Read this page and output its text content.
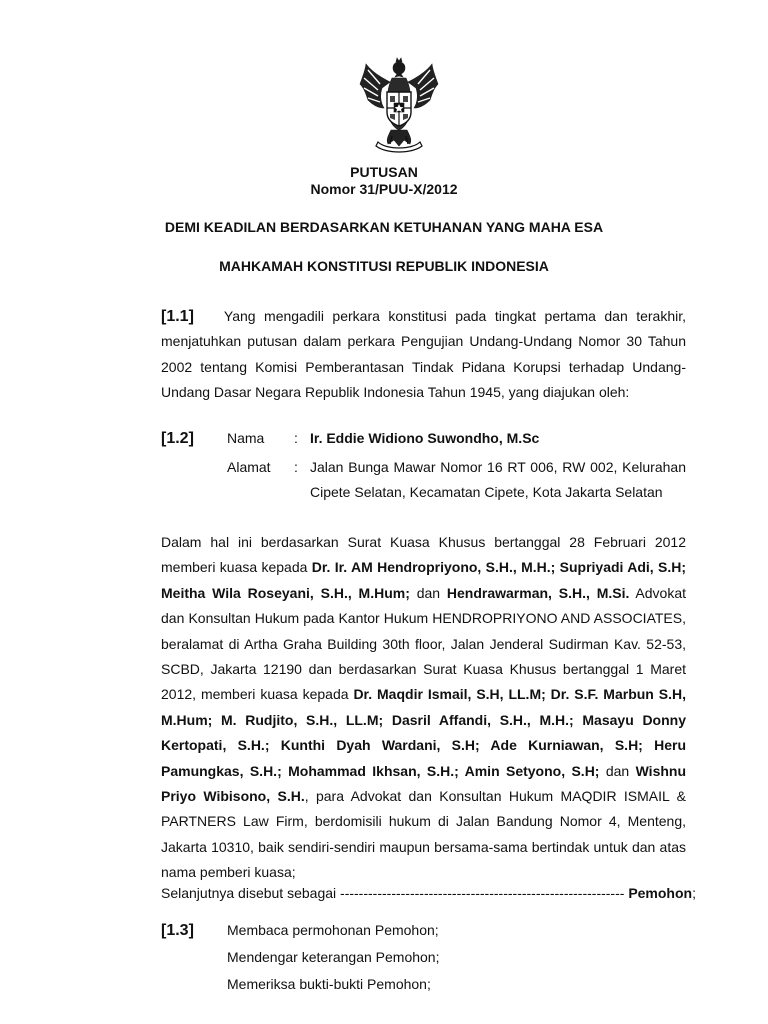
PUTUSAN
Nomor 31/PUU-X/2012
DEMI KEADILAN BERDASARKAN KETUHANAN YANG MAHA ESA
MAHKAMAH KONSTITUSI REPUBLIK INDONESIA
[1.1] Yang mengadili perkara konstitusi pada tingkat pertama dan terakhir, menjatuhkan putusan dalam perkara Pengujian Undang-Undang Nomor 30 Tahun 2002 tentang Komisi Pemberantasan Tindak Pidana Korupsi terhadap Undang-Undang Dasar Negara Republik Indonesia Tahun 1945, yang diajukan oleh:
[1.2] Nama : Ir. Eddie Widiono Suwondho, M.Sc
Alamat : Jalan Bunga Mawar Nomor 16 RT 006, RW 002, Kelurahan Cipete Selatan, Kecamatan Cipete, Kota Jakarta Selatan
Dalam hal ini berdasarkan Surat Kuasa Khusus bertanggal 28 Februari 2012 memberi kuasa kepada Dr. Ir. AM Hendropriyono, S.H., M.H.; Supriyadi Adi, S.H; Meitha Wila Roseyani, S.H., M.Hum; dan Hendrawarman, S.H., M.Si. Advokat dan Konsultan Hukum pada Kantor Hukum HENDROPRIYONO AND ASSOCIATES, beralamat di Artha Graha Building 30th floor, Jalan Jenderal Sudirman Kav. 52-53, SCBD, Jakarta 12190 dan berdasarkan Surat Kuasa Khusus bertanggal 1 Maret 2012, memberi kuasa kepada Dr. Maqdir Ismail, S.H, LL.M; Dr. S.F. Marbun S.H, M.Hum; M. Rudjito, S.H., LL.M; Dasril Affandi, S.H., M.H.; Masayu Donny Kertopati, S.H.; Kunthi Dyah Wardani, S.H; Ade Kurniawan, S.H; Heru Pamungkas, S.H.; Mohammad Ikhsan, S.H.; Amin Setyono, S.H; dan Wishnu Priyo Wibisono, S.H., para Advokat dan Konsultan Hukum MAQDIR ISMAIL & PARTNERS Law Firm, berdomisili hukum di Jalan Bandung Nomor 4, Menteng, Jakarta 10310, baik sendiri-sendiri maupun bersama-sama bertindak untuk dan atas nama pemberi kuasa;
Selanjutnya disebut sebagai ------------------------------------------------------------- Pemohon;
[1.3] Membaca permohonan Pemohon;
Mendengar keterangan Pemohon;
Memeriksa bukti-bukti Pemohon;
